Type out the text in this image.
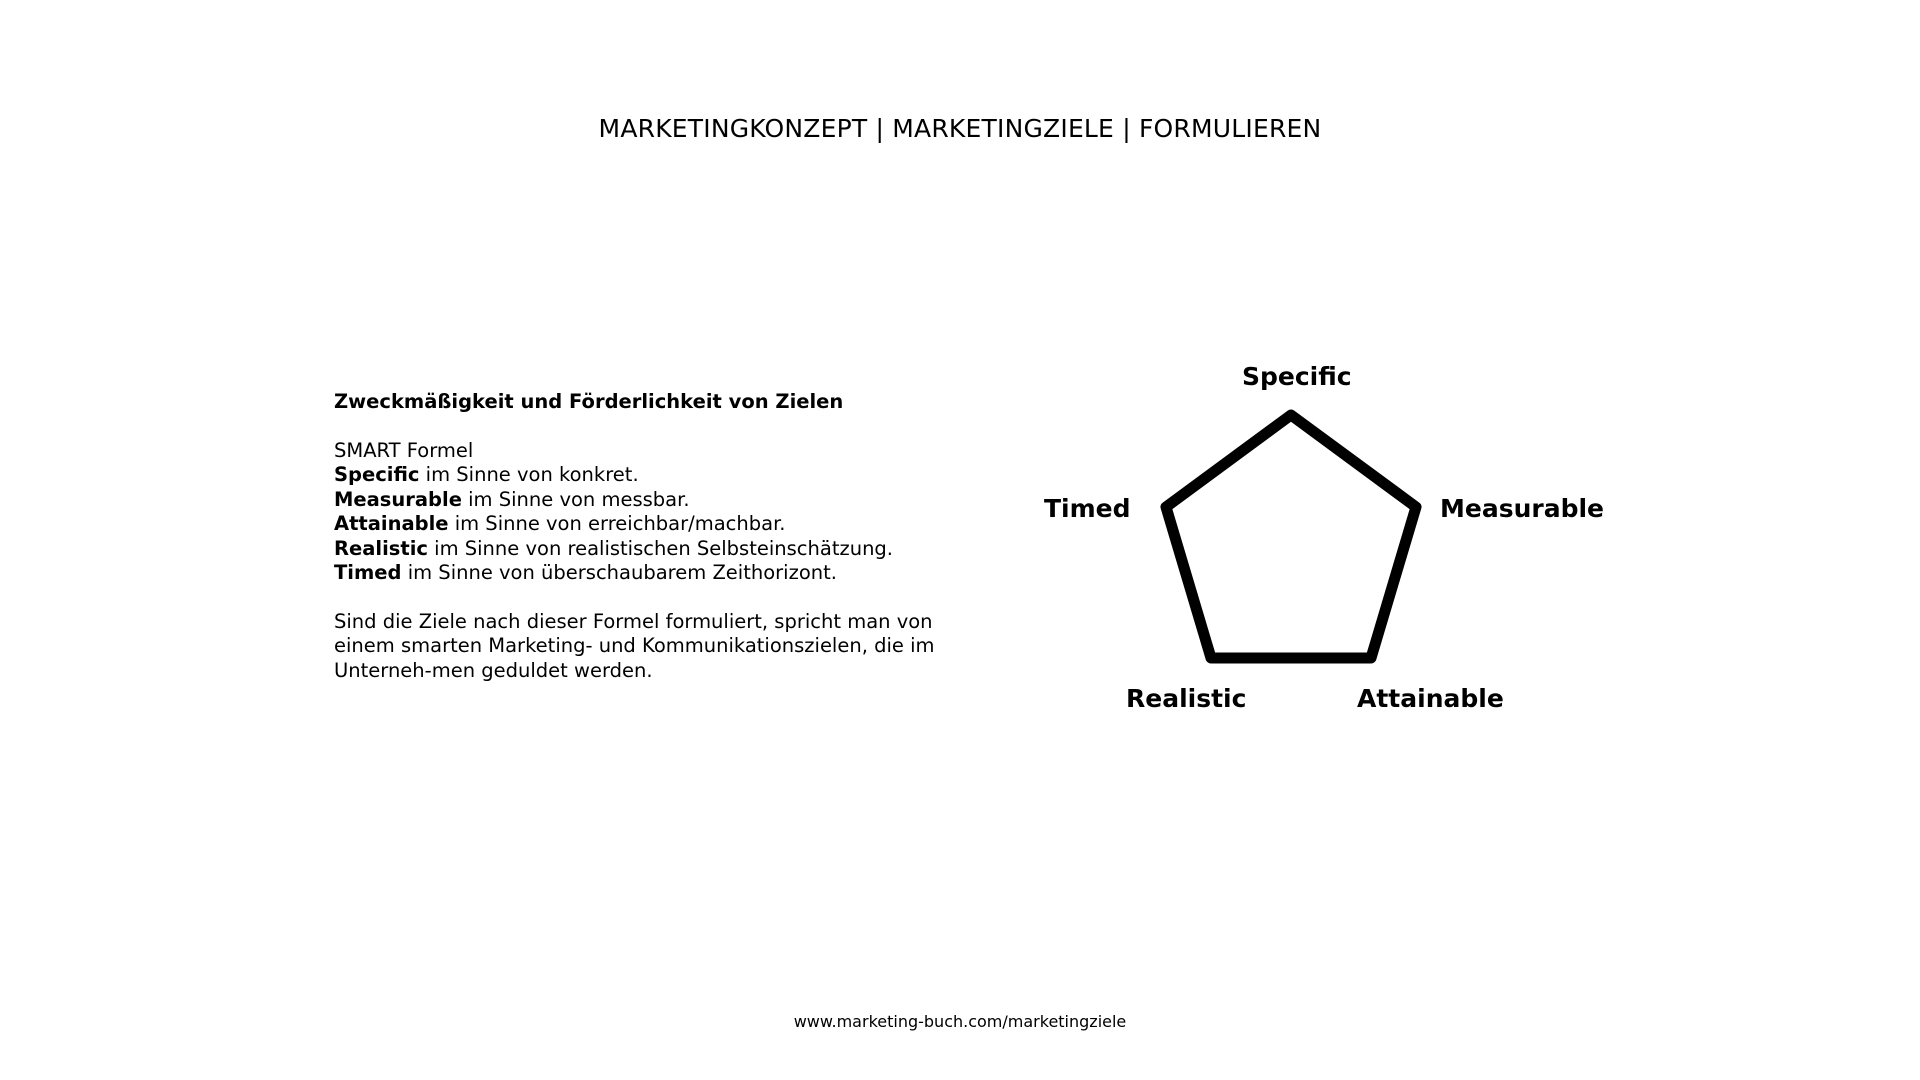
MARKETINGKONZEPT | MARKETINGZIELE | FORMULIEREN

Zweckmäßigkeit und Förderlichkeit von Zielen

SMART Formel

Specific im Sinne von konkret.
Measurable im Sinne von messbar.
Attainable im Sinne von erreichbar/machbar.
Realistic im Sinne von realistischen Selbsteinschätzung.
Timed im Sinne von überschaubarem Zeithorizont.

Sind die Ziele nach dieser Formel formuliert, spricht man von einem smarten Marketing- und Kommunikationszielen, die im Unterneh-men geduldet werden.

Specific
Measurable
Attainable
Realistic
Timed
www.marketing-buch.com/marketingziele
